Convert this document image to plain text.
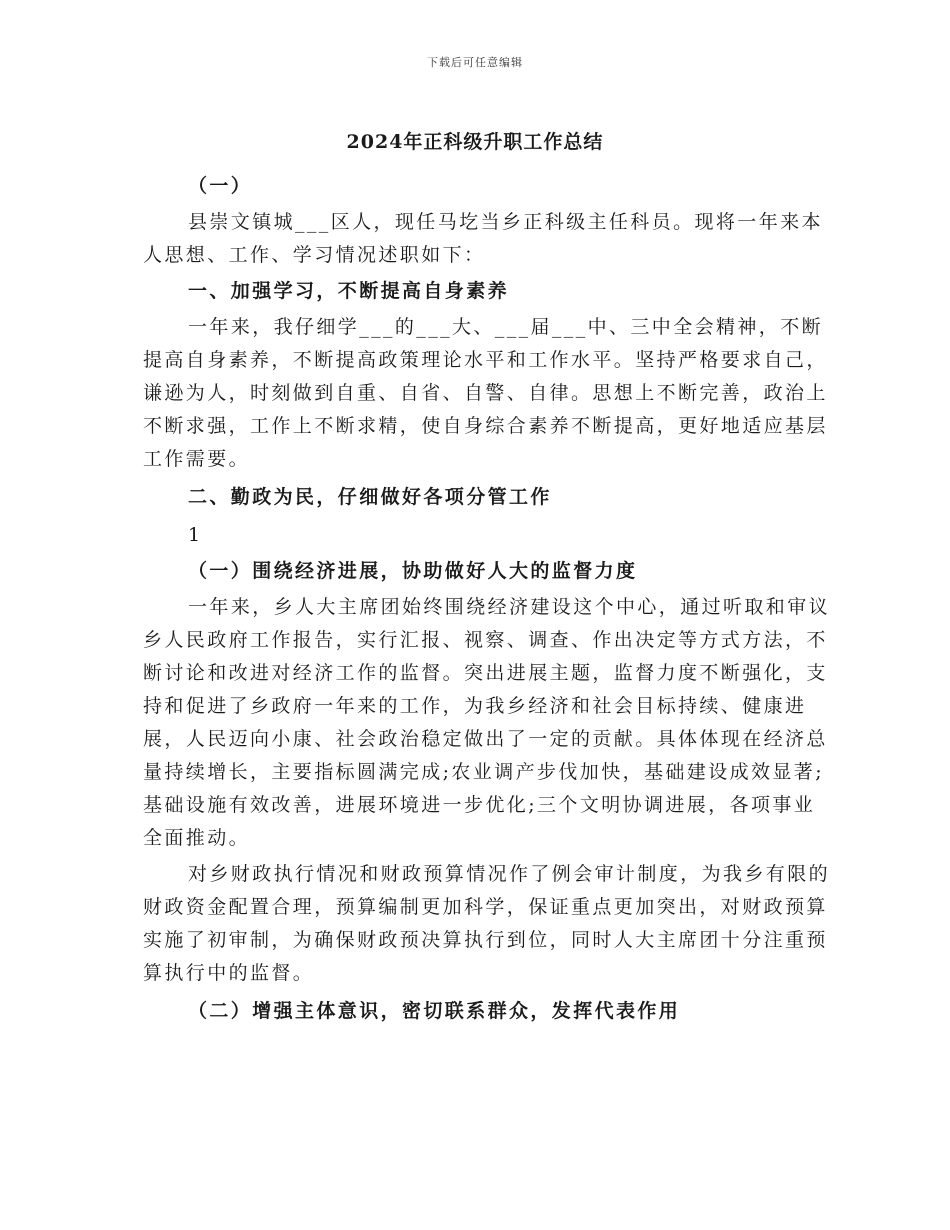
下载后可任意编辑
2024年正科级升职工作总结

（一）

县崇文镇城___区人，现任马圪当乡正科级主任科员。现将一年来本人思想、工作、学习情况述职如下：

一、加强学习，不断提高自身素养

一年来，我仔细学___的___大、___届___中、三中全会精神，不断提高自身素养，不断提高政策理论水平和工作水平。坚持严格要求自己，谦逊为人，时刻做到自重、自省、自警、自律。思想上不断完善，政治上不断求强，工作上不断求精，使自身综合素养不断提高，更好地适应基层工作需要。

二、勤政为民，仔细做好各项分管工作

1

（一）围绕经济进展，协助做好人大的监督力度

一年来，乡人大主席团始终围绕经济建设这个中心，通过听取和审议乡人民政府工作报告，实行汇报、视察、调查、作出决定等方式方法，不断讨论和改进对经济工作的监督。突出进展主题，监督力度不断强化，支持和促进了乡政府一年来的工作，为我乡经济和社会目标持续、健康进展，人民迈向小康、社会政治稳定做出了一定的贡献。具体体现在经济总量持续增长，主要指标圆满完成;农业调产步伐加快，基础建设成效显著;基础设施有效改善，进展环境进一步优化;三个文明协调进展，各项事业全面推动。

对乡财政执行情况和财政预算情况作了例会审计制度，为我乡有限的财政资金配置合理，预算编制更加科学，保证重点更加突出，对财政预算实施了初审制，为确保财政预决算执行到位，同时人大主席团十分注重预算执行中的监督。

（二）增强主体意识，密切联系群众，发挥代表作用
